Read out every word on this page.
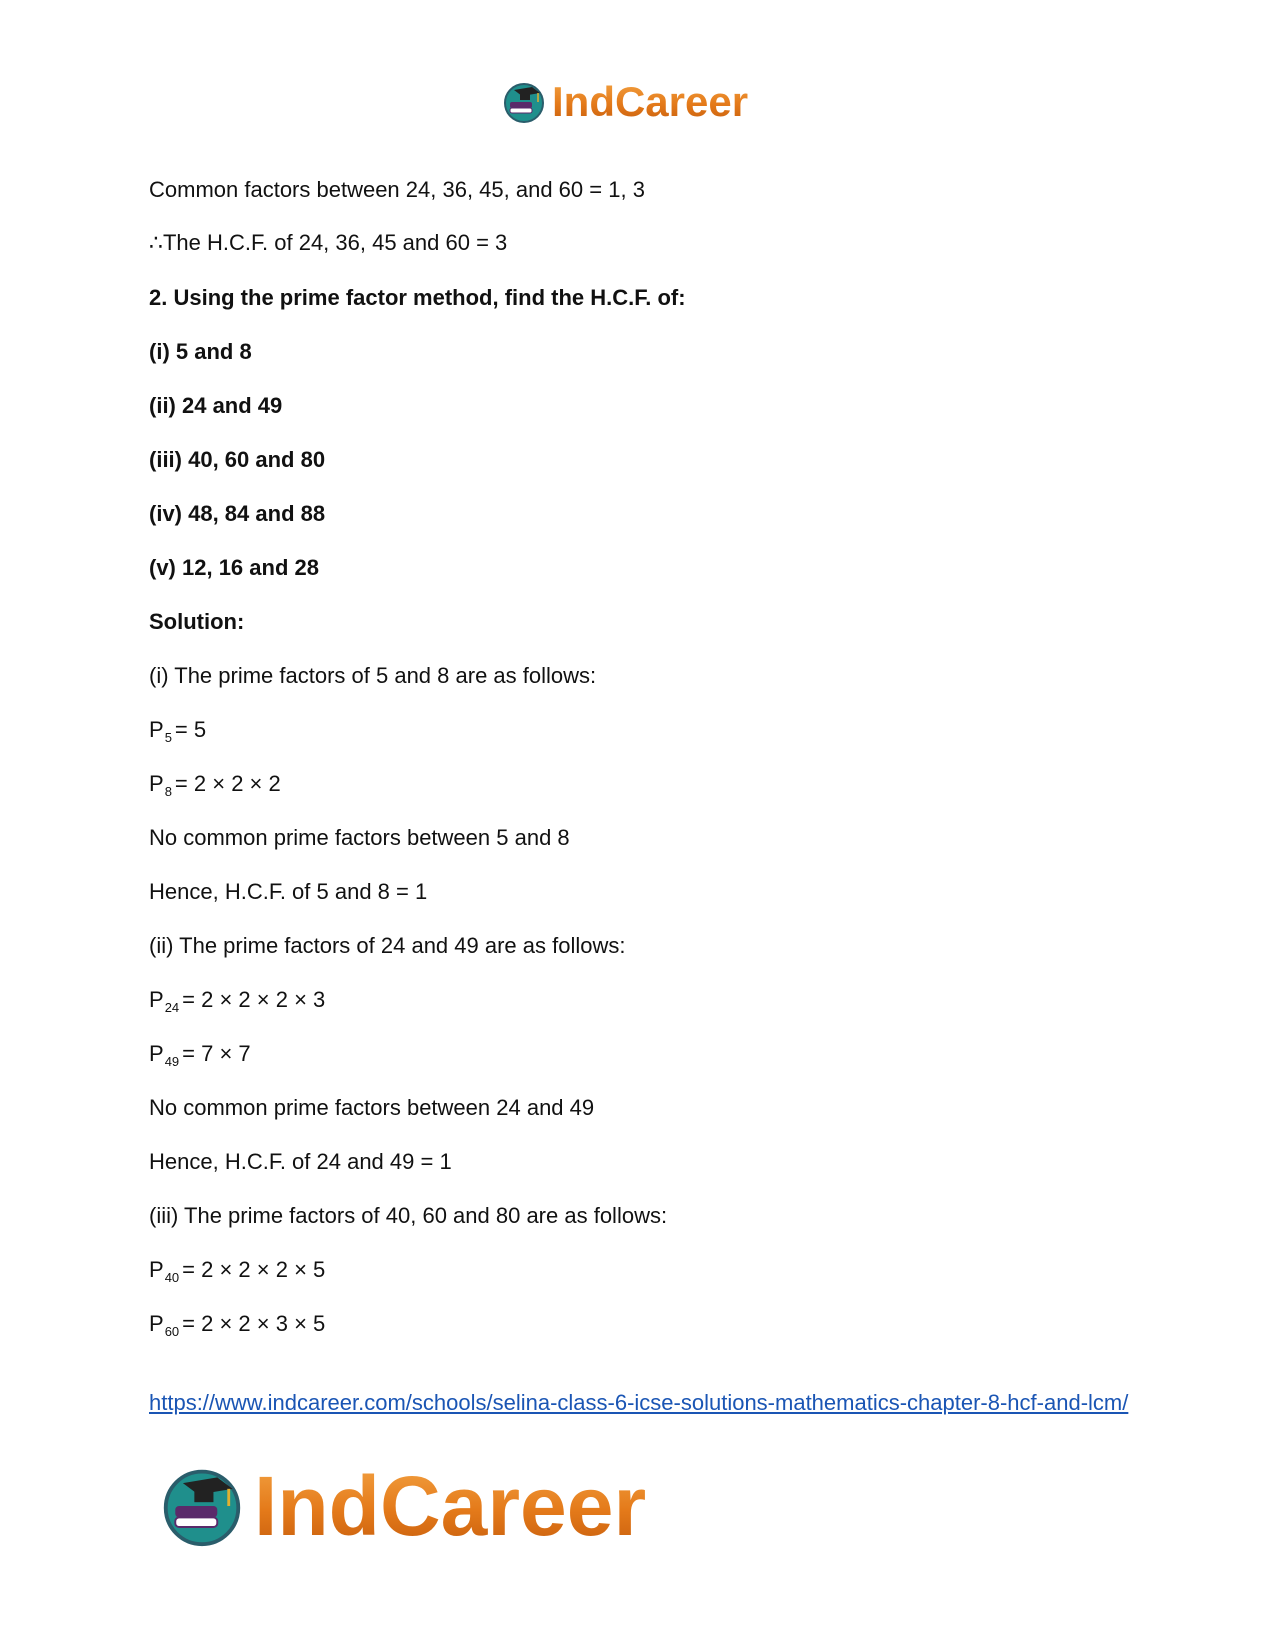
IndCareer
Common factors between 24, 36, 45, and 60 = 1, 3
∴The H.C.F. of 24, 36, 45 and 60 = 3
2. Using the prime factor method, find the H.C.F. of:
(i) 5 and 8
(ii) 24 and 49
(iii) 40, 60 and 80
(iv) 48, 84 and 88
(v) 12, 16 and 28
Solution:
(i) The prime factors of 5 and 8 are as follows:
$P_5 = 5$
$P_8 = 2 \times 2 \times 2$
No common prime factors between 5 and 8
Hence, H.C.F. of 5 and 8 = 1
(ii) The prime factors of 24 and 49 are as follows:
$P_{24} = 2 \times 2 \times 2 \times 3$
$P_{49} = 7 \times 7$
No common prime factors between 24 and 49
Hence, H.C.F. of 24 and 49 = 1
(iii) The prime factors of 40, 60 and 80 are as follows:
$P_{40} = 2 \times 2 \times 2 \times 5$
$P_{60} = 2 \times 2 \times 3 \times 5$
https://www.indcareer.com/schools/selina-class-6-icse-solutions-mathematics-chapter-8-hcf-and-lcm/
IndCareer
